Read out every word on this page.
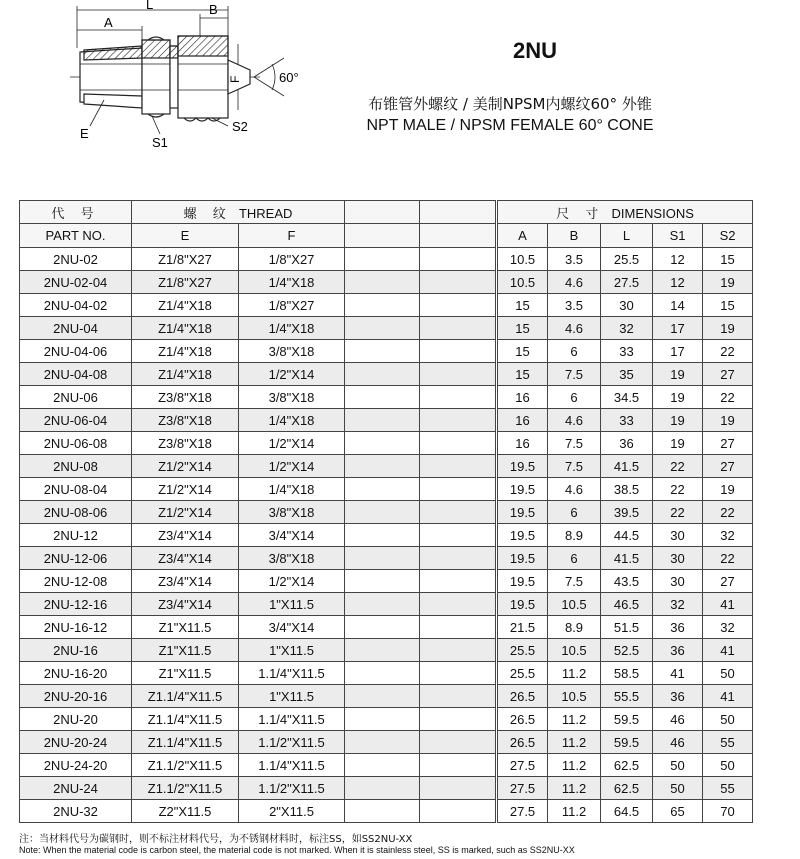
A
L	B
F	60°
E
S1
S2
2NU
布锥管外螺纹 / 美制NPSM内螺纹60° 外锥
NPT MALE / NPSM FEMALE 60° CONE
代 号	螺 纹 THREAD					尺 寸 DIMENSIONS				
PART NO.	E	F				A	B	L	S1	S2
2NU-02	Z1/8"X27	1/8"X27				10.5	3.5	25.5	12	15
2NU-02-04	Z1/8"X27	1/4"X18				10.5	4.6	27.5	12	19
2NU-04-02	Z1/4"X18	1/8"X27				15	3.5	30	14	15
2NU-04	Z1/4"X18	1/4"X18				15	4.6	32	17	19
2NU-04-06	Z1/4"X18	3/8"X18				15	6	33	17	22
2NU-04-08	Z1/4"X18	1/2"X14				15	7.5	35	19	27
2NU-06	Z3/8"X18	3/8"X18				16	6	34.5	19	22
2NU-06-04	Z3/8"X18	1/4"X18				16	4.6	33	19	19
2NU-06-08	Z3/8"X18	1/2"X14				16	7.5	36	19	27
2NU-08	Z1/2"X14	1/2"X14				19.5	7.5	41.5	22	27
2NU-08-04	Z1/2"X14	1/4"X18				19.5	4.6	38.5	22	19
2NU-08-06	Z1/2"X14	3/8"X18				19.5	6	39.5	22	22
2NU-12	Z3/4"X14	3/4"X14				19.5	8.9	44.5	30	32
2NU-12-06	Z3/4"X14	3/8"X18				19.5	6	41.5	30	22
2NU-12-08	Z3/4"X14	1/2"X14				19.5	7.5	43.5	30	27
2NU-12-16	Z3/4"X14	1"X11.5				19.5	10.5	46.5	32	41
2NU-16-12	Z1"X11.5	3/4"X14				21.5	8.9	51.5	36	32
2NU-16	Z1"X11.5	1"X11.5				25.5	10.5	52.5	36	41
2NU-16-20	Z1"X11.5	1.1/4"X11.5				25.5	11.2	58.5	41	50
2NU-20-16	Z1.1/4"X11.5	1"X11.5				26.5	10.5	55.5	36	41
2NU-20	Z1.1/4"X11.5	1.1/4"X11.5				26.5	11.2	59.5	46	50
2NU-20-24	Z1.1/4"X11.5	1.1/2"X11.5				26.5	11.2	59.5	46	55
2NU-24-20	Z1.1/2"X11.5	1.1/4"X11.5				27.5	11.2	62.5	50	50
2NU-24	Z1.1/2"X11.5	1.1/2"X11.5				27.5	11.2	62.5	50	55
2NU-32	Z2"X11.5	2"X11.5				27.5	11.2	64.5	65	70
注：当材料代号为碳钢时，则不标注材料代号，为不锈钢材料时，标注SS，如SS2NU-XX
Note: When the material code is carbon steel, the material code is not marked. When it is stainless steel, SS is marked, such as SS2NU-XX
